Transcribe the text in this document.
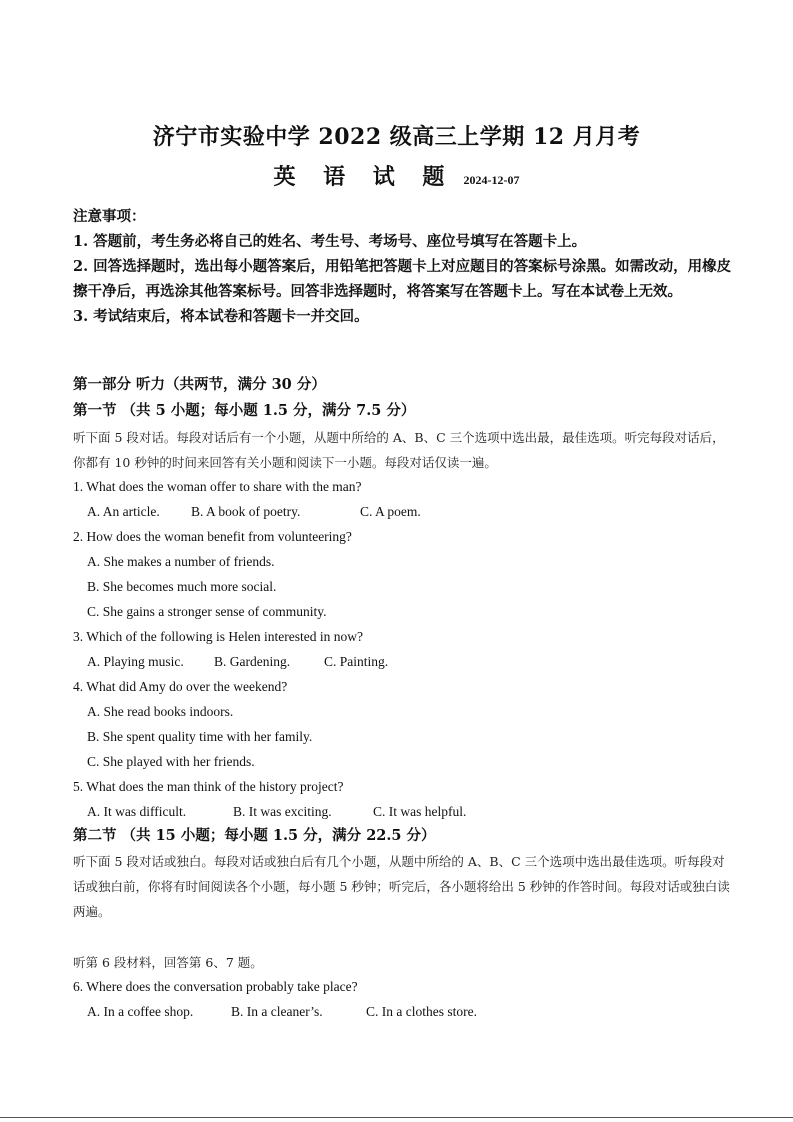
济宁市实验中学 2022 级高三上学期 12 月月考
英 语 试 题 2024-12-07

注意事项：

1. 答题前，考生务必将自己的姓名、考生号、考场号、座位号填写在答题卡上。

2. 回答选择题时，选出每小题答案后，用铅笔把答题卡上对应题目的答案标号涂黑。如需改动，用橡皮擦干净后，再选涂其他答案标号。回答非选择题时，将答案写在答题卡上。写在本试卷上无效。

3. 考试结束后，将本试卷和答题卡一并交回。

第一部分 听力（共两节，满分 30 分）
第一节 （共 5 小题；每小题 1.5 分，满分 7.5 分）
听下面 5 段对话。每段对话后有一个小题，从题中所给的 A、B、C 三个选项中选出最，最佳选项。听完每段对话后，你都有 10 秒钟的时间来回答有关小题和阅读下一小题。每段对话仅读一遍。
1. What does the woman offer to share with the man?
A. An article. B. A book of poetry.	C. A poem.
2. How does the woman benefit from volunteering?
A. She makes a number of friends.
B. She becomes much more social.
C. She gains a stronger sense of community.
3. Which of the following is Helen interested in now?
A. Playing music. B. Gardening.	C. Painting.
4. What did Amy do over the weekend?
A. She read books indoors.
B. She spent quality time with her family.
C. She played with her friends.
5. What does the man think of the history project?
A. It was difficult.	B. It was exciting.	C. It was helpful.
第二节 （共 15 小题；每小题 1.5 分，满分 22.5 分）
听下面 5 段对话或独白。每段对话或独白后有几个小题，从题中所给的 A、B、C 三个选项中选出最佳选项。听每段对话或独白前，你将有时间阅读各个小题，每小题 5 秒钟；听完后，各小题将给出 5 秒钟的作答时间。每段对话或独白读两遍。
听第 6 段材料，回答第 6、7 题。
6. Where does the conversation probably take place?
A. In a coffee shop.	B. In a cleaner’s.	C. In a clothes store.
